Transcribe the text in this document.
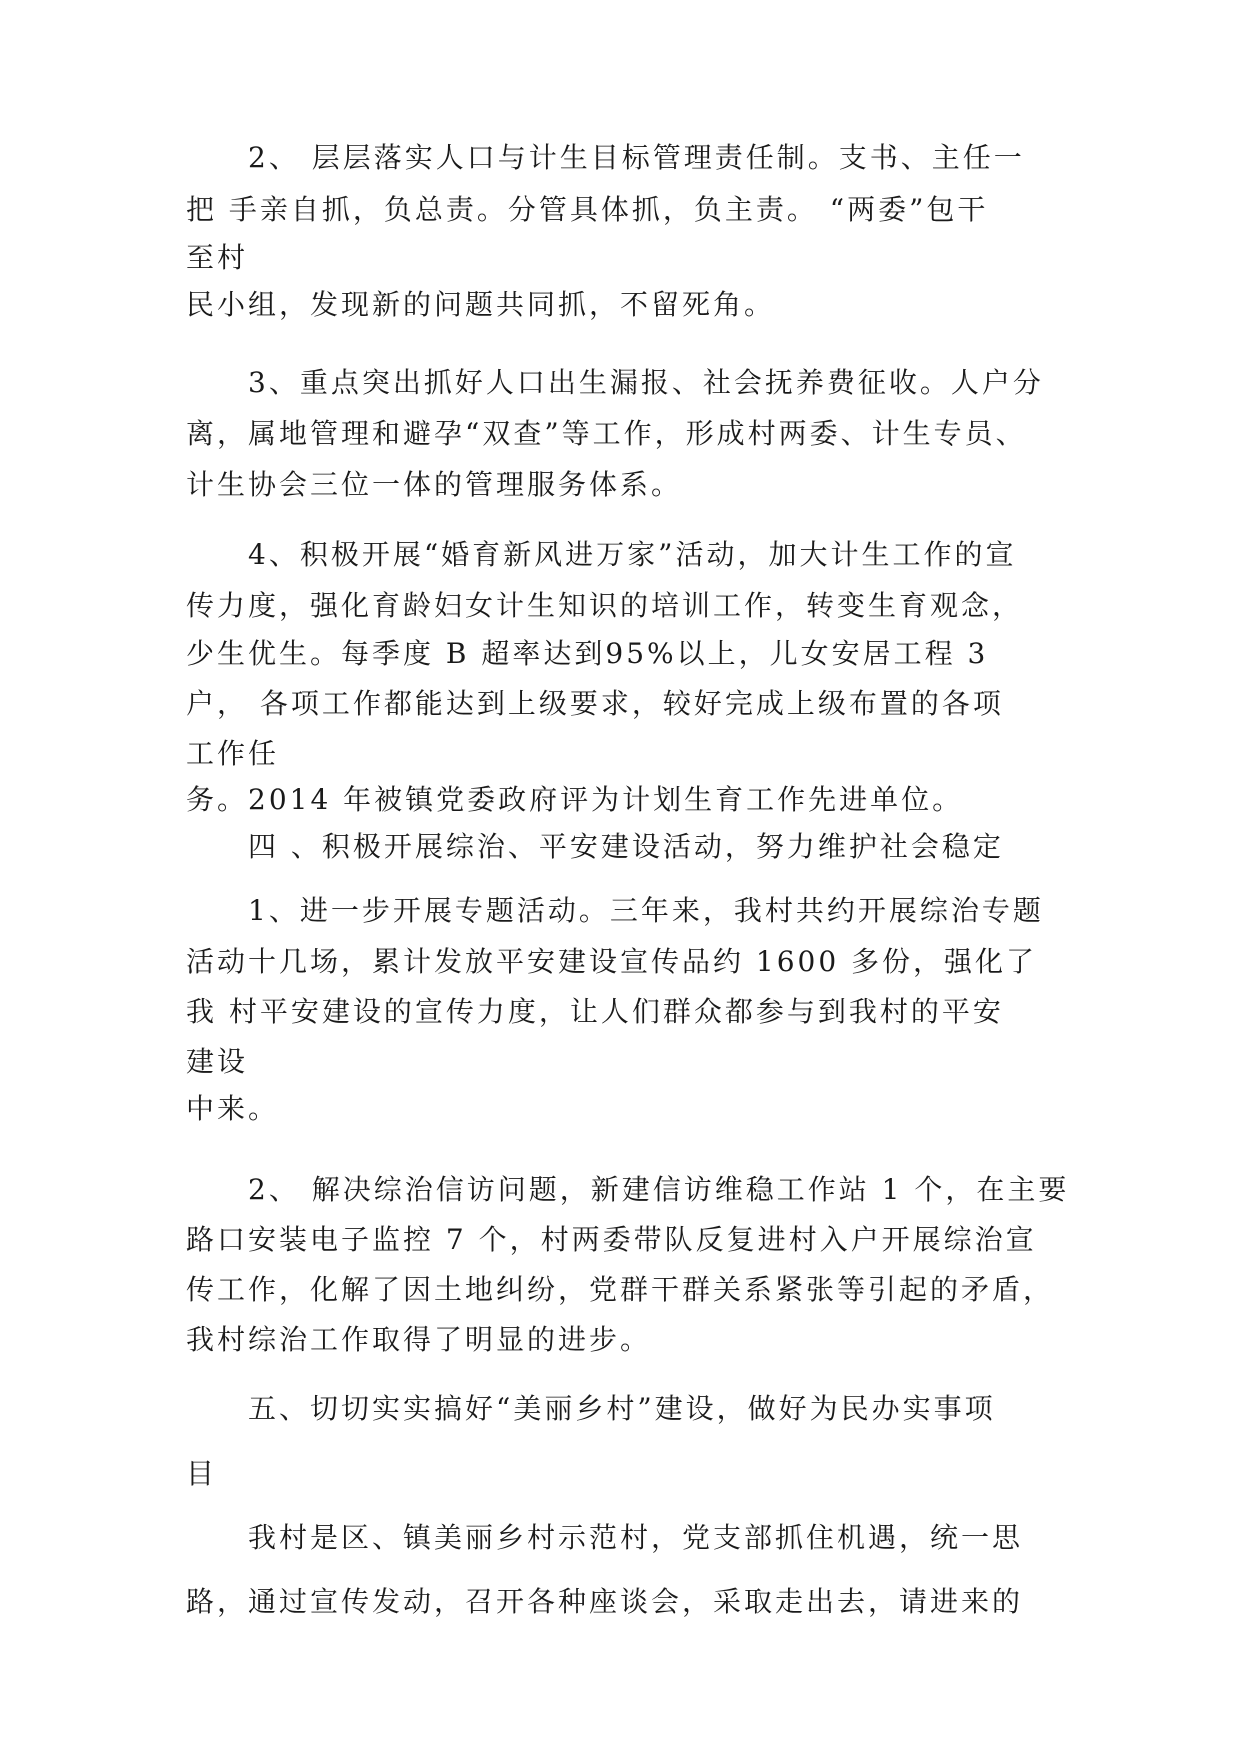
2、 层层落实人口与计生目标管理责任制。支书、主任一

把 手亲自抓，负总责。分管具体抓，负主责。 “两委”包干

至村

民小组，发现新的问题共同抓，不留死角。

3、重点突出抓好人口出生漏报、社会抚养费征收。人户分

离，属地管理和避孕“双查”等工作，形成村两委、计生专员、

计生协会三位一体的管理服务体系。

4、积极开展“婚育新风进万家”活动，加大计生工作的宣

传力度，强化育龄妇女计生知识的培训工作，转变生育观念，

少生优生。每季度 B 超率达到95%以上，儿女安居工程 3

户， 各项工作都能达到上级要求，较好完成上级布置的各项

工作任

务。2014 年被镇党委政府评为计划生育工作先进单位。

四 、积极开展综治、平安建设活动，努力维护社会稳定

1、进一步开展专题活动。三年来，我村共约开展综治专题

活动十几场，累计发放平安建设宣传品约 1600 多份，强化了

我 村平安建设的宣传力度，让人们群众都参与到我村的平安

建设

中来。

2、 解决综治信访问题，新建信访维稳工作站 1 个，在主要

路口安装电子监控 7 个，村两委带队反复进村入户开展综治宣

传工作，化解了因土地纠纷，党群干群关系紧张等引起的矛盾，

我村综治工作取得了明显的进步。

五、切切实实搞好“美丽乡村”建设，做好为民办实事项

目

我村是区、镇美丽乡村示范村，党支部抓住机遇，统一思

路，通过宣传发动，召开各种座谈会，采取走出去，请进来的
